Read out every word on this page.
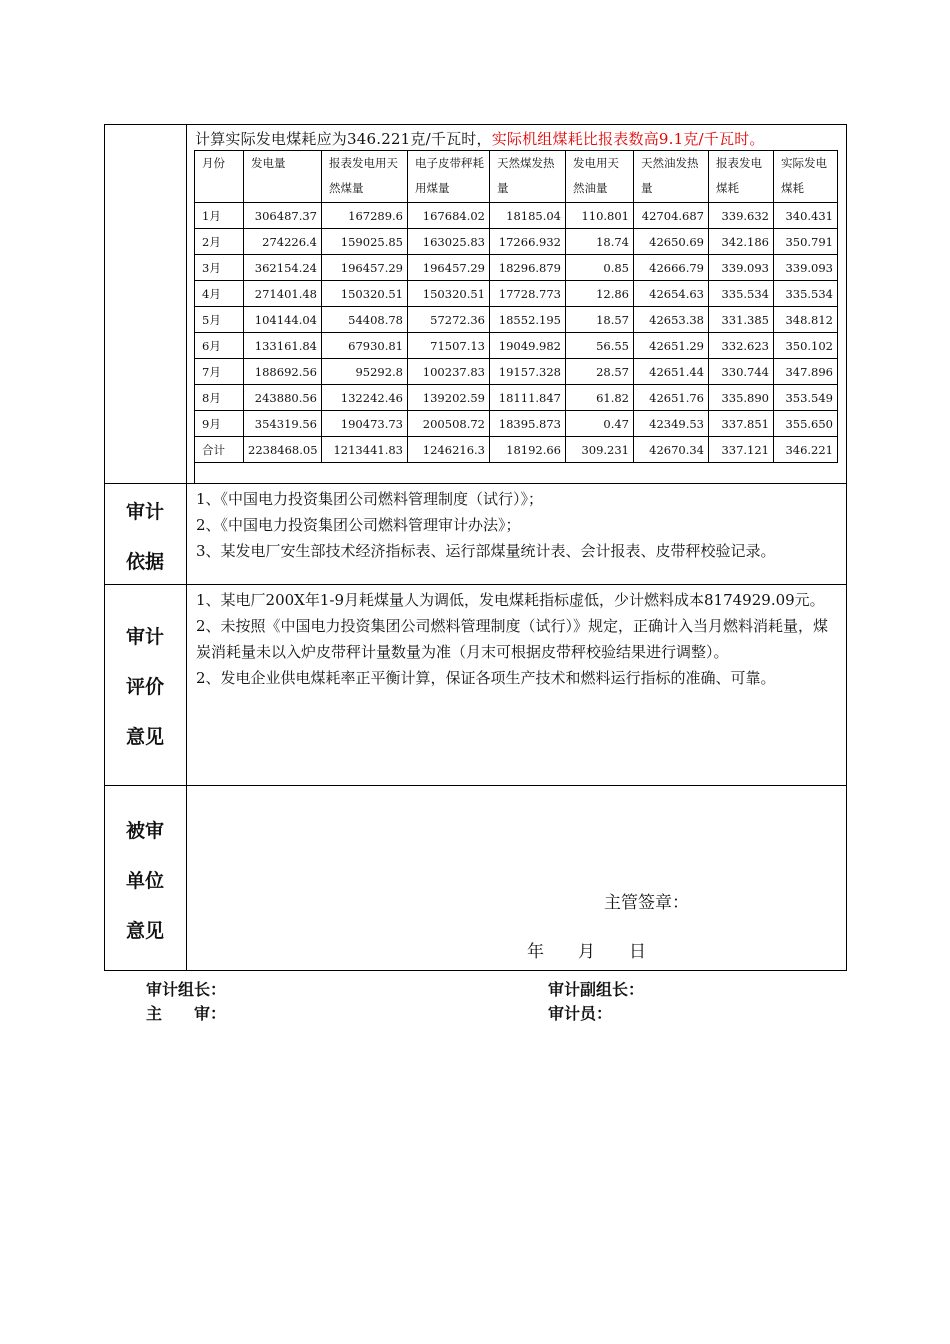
计算实际发电煤耗应为346.221克/千瓦时，实际机组煤耗比报表数高9.1克/千瓦时。
月份	发电量	报表发电用天然煤量	电子皮带秤耗用煤量	天然煤发热量	发电用天然油量	天然油发热量	报表发电煤耗	实际发电煤耗
1月	306487.37	167289.6	167684.02	18185.04	110.801	42704.687	339.632	340.431
2月	274226.4	159025.85	163025.83	17266.932	18.74	42650.69	342.186	350.791
3月	362154.24	196457.29	196457.29	18296.879	0.85	42666.79	339.093	339.093
4月	271401.48	150320.51	150320.51	17728.773	12.86	42654.63	335.534	335.534
5月	104144.04	54408.78	57272.36	18552.195	18.57	42653.38	331.385	348.812
6月	133161.84	67930.81	71507.13	19049.982	56.55	42651.29	332.623	350.102
7月	188692.56	95292.8	100237.83	19157.328	28.57	42651.44	330.744	347.896
8月	243880.56	132242.46	139202.59	18111.847	61.82	42651.76	335.890	353.549
9月	354319.56	190473.73	200508.72	18395.873	0.47	42349.53	337.851	355.650
合计	2238468.05	1213441.83	1246216.3	18192.66	309.231	42670.34	337.121	346.221
审计
依据

1、《中国电力投资集团公司燃料管理制度（试行）》；

2、《中国电力投资集团公司燃料管理审计办法》；

3、某发电厂安生部技术经济指标表、运行部煤量统计表、会计报表、皮带秤校验记录。

审计
评价
意见

1、某电厂200X年1-9月耗煤量人为调低，发电煤耗指标虚低，少计燃料成本8174929.09元。

2、未按照《中国电力投资集团公司燃料管理制度（试行）》规定，正确计入当月燃料消耗量，煤炭消耗量未以入炉皮带秤计量数量为准（月末可根据皮带秤校验结果进行调整）。

2、发电企业供电煤耗率正平衡计算，保证各项生产技术和燃料运行指标的准确、可靠。

被审
单位
意见
主管签章：
年　　月　　日
审计组长：	审计副组长：
主　　审：	审计员：
